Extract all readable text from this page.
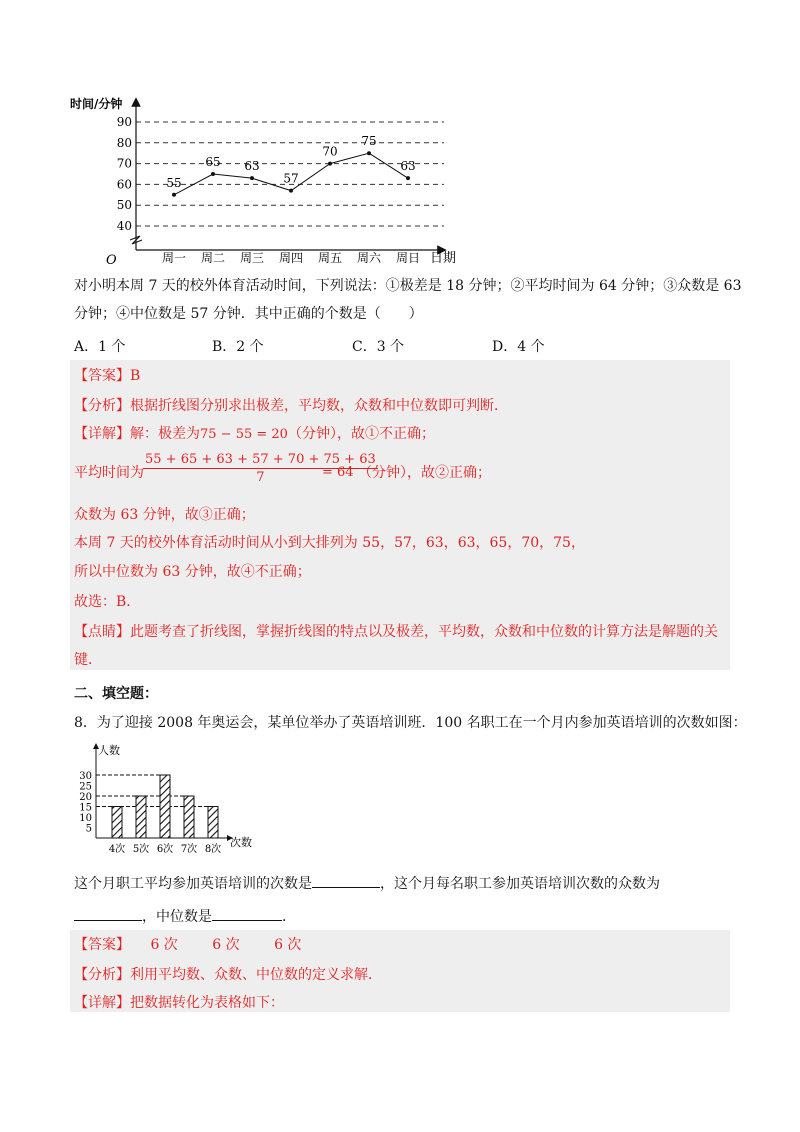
时间/分钟
40
50
60
70
80
90
O	日期
周一 周二 周三 周四 周五 周六 周日
55
65 63
57
70
75
63
对小明本周 7 天的校外体育活动时间，下列说法：①极差是 18 分钟；②平均时间为 64 分钟；③众数是 63
分钟；④中位数是 57 分钟．其中正确的个数是（　　）
A．1 个	B．2 个	C．3 个	D．4 个
【答案】B
【分析】根据折线图分别求出极差，平均数，众数和中位数即可判断．
【详解】解：极差为75 − 55 = 20（分钟），故①不正确；
平均时间为 $\frac{55 + 65 + 63 + 57 + 70 + 75 + 63}{7}$
= 64 （分钟），故②正确；
众数为 63 分钟，故③正确；
本周 7 天的校外体育活动时间从小到大排列为 55，57，63，63，65，70，75，
所以中位数为 63 分钟，故④不正确；
故选：B．
【点睛】此题考查了折线图，掌握折线图的特点以及极差，平均数，众数和中位数的计算方法是解题的关
键．
二、填空题：
8．为了迎接 2008 年奥运会，某单位举办了英语培训班．100 名职工在一个月内参加英语培训的次数如图：
人数
次数
5
10
15
20
25
30
4次 5次 6次 7次 8次
这个月职工平均参加英语培训的次数是	，这个月每名职工参加英语培训次数的众数为
，中位数是	．
【答案】 6 次 6 次 6 次
【分析】利用平均数、众数、中位数的定义求解．
【详解】把数据转化为表格如下：
